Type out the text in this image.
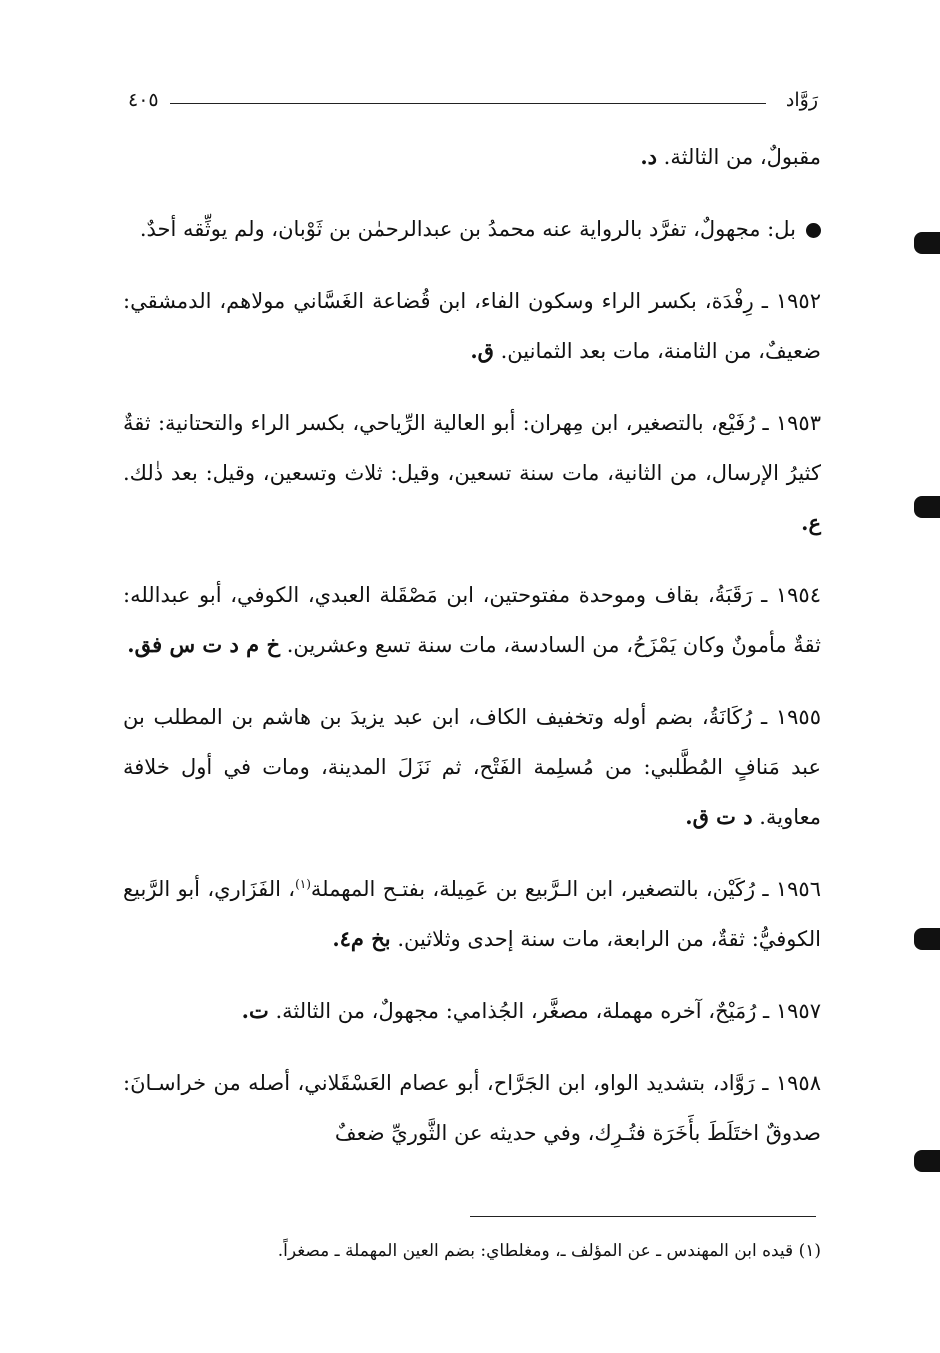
رَوَّاد
٤٠٥

مقبولٌ، من الثالثة. د.

بل: مجهولٌ، تفرَّد بالرواية عنه محمدُ بن عبدالرحمٰن بن ثَوْبان، ولم يوثِّقه أحدٌ.

١٩٥٢ ـ رِفْدَة، بكسر الراء وسكون الفاء، ابن قُضاعة الغَسَّاني مولاهم، الدمشقي: ضعيفٌ، من الثامنة، مات بعد الثمانين. ق.

١٩٥٣ ـ رُفَيْع، بالتصغير، ابن مِهران: أبو العالية الرِّياحي، بكسر الراء والتحتانية: ثقةٌ كثيرُ الإرسال، من الثانية، مات سنة تسعين، وقيل: ثلاث وتسعين، وقيل: بعد ذٰلك. ع.

١٩٥٤ ـ رَقَبَةُ، بقاف وموحدة مفتوحتين، ابن مَصْقَلة العبدي، الكوفي، أبو عبدالله: ثقةٌ مأمونٌ وكان يَمْزَحُ، من السادسة، مات سنة تسع وعشرين. خ م د ت س فق.

١٩٥٥ ـ رُكَانَةُ، بضم أوله وتخفيف الكاف، ابن عبد يزيدَ بن هاشم بن المطلب بن عبد مَنافٍ المُطَّلبي: من مُسلِمة الفَتْح، ثم نَزَلَ المدينة، ومات في أول خلافة معاوية. د ت ق.

١٩٥٦ ـ رُكَيْن، بالتصغير، ابن الـرَّبيع بن عَمِيلة، بفتـح المهملة$^{(١)}$، الفَزَاري، أبو الرَّبيع الكوفيُّ: ثقةٌ، من الرابعة، مات سنة إحدى وثلاثين. بخ م٤.

١٩٥٧ ـ رُمَيْحٌ، آخره مهملة، مصغَّر، الجُذامي: مجهولٌ، من الثالثة. ت.

١٩٥٨ ـ رَوَّاد، بتشديد الواو، ابن الجَرَّاح، أبو عصام العَسْقَلاني، أصله من خراسـانَ: صدوقٌ اختَلَطَ بأَخَرَة فتُـرِك، وفي حديثه عن الثَّوريِّ ضعفٌ

(١) قيده ابن المهندس ـ عن المؤلف ـ، ومغلطاي: بضم العين المهملة ـ مصغراً.
